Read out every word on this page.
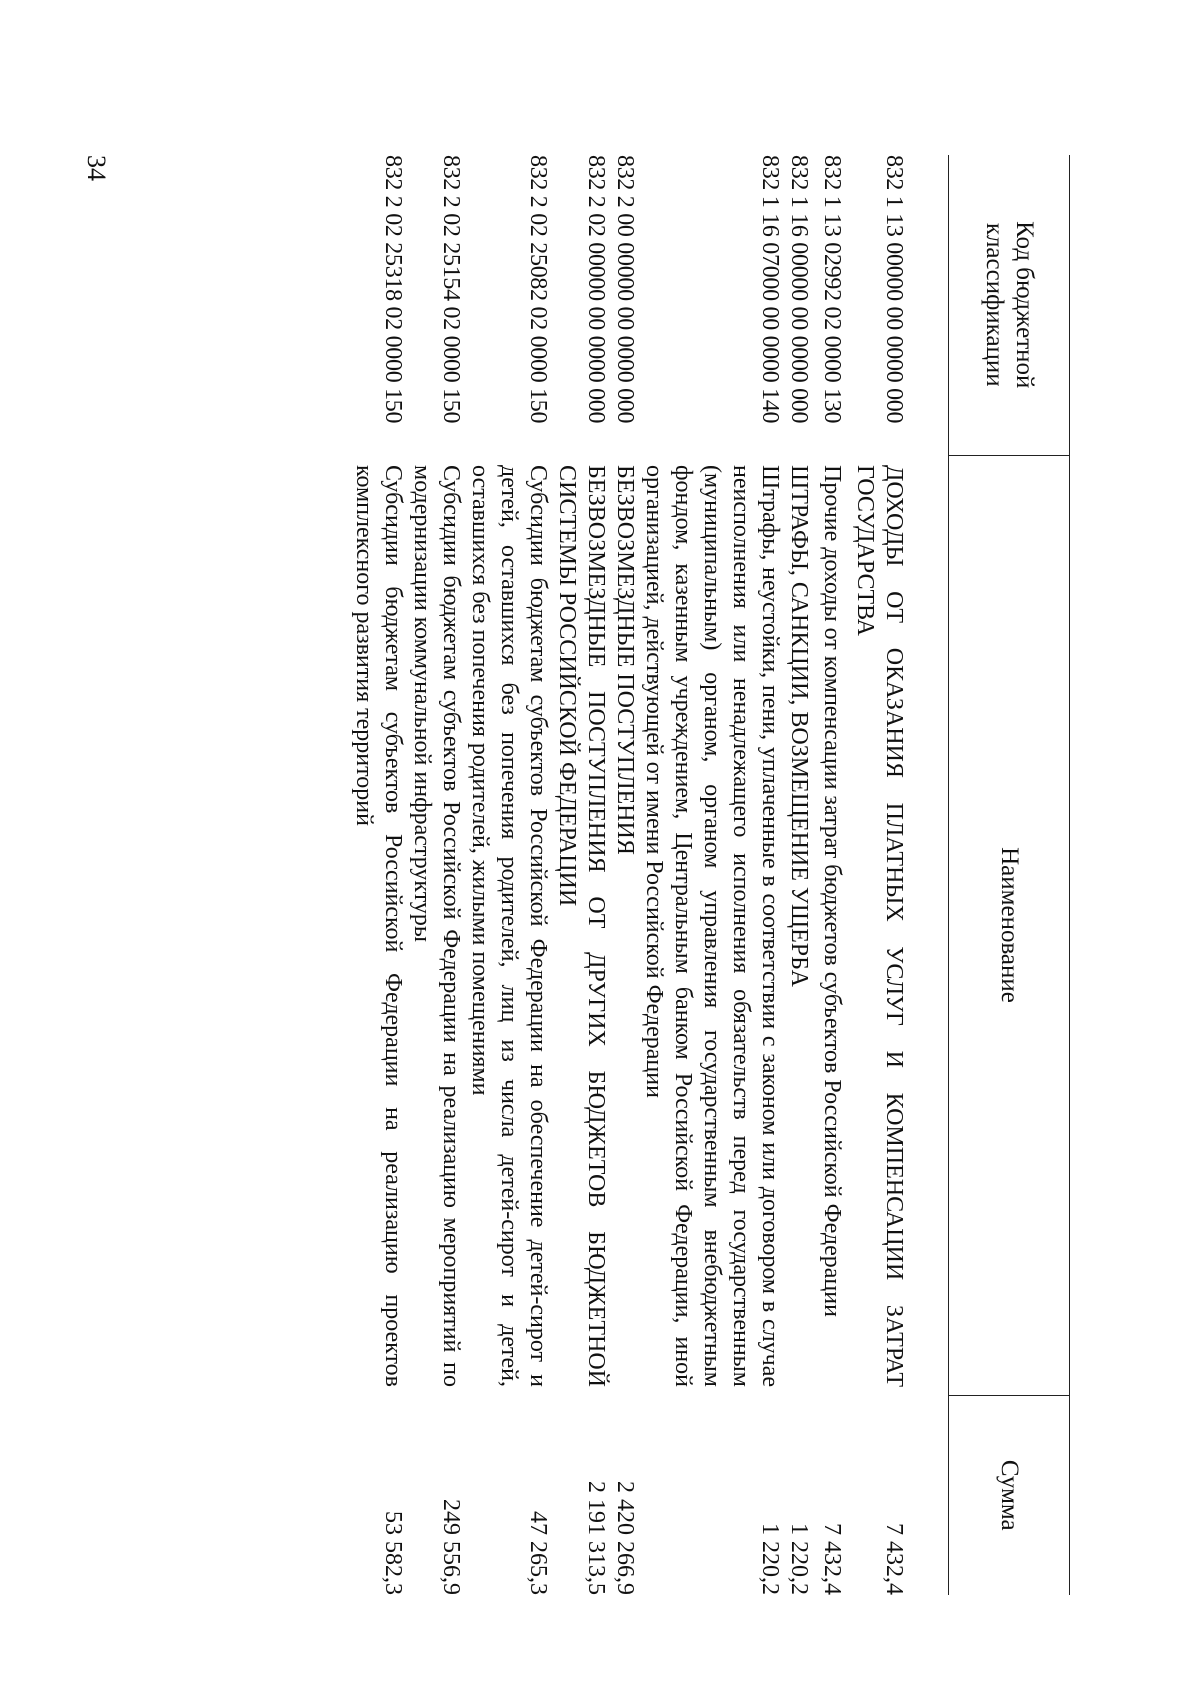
34
Код бюджетной классификации	Наименование	Сумма
832 1 13 00000 00 0000 000	ДОХОДЫ ОТ ОКАЗАНИЯ ПЛАТНЫХ УСЛУГ И КОМПЕНСАЦИИ ЗАТРАТ ГОСУДАРСТВА	7 432,4
832 1 13 02992 02 0000 130	Прочие доходы от компенсации затрат бюджетов субъектов Российской Федерации	7 432,4
832 1 16 00000 00 0000 000	ШТРАФЫ, САНКЦИИ, ВОЗМЕЩЕНИЕ УЩЕРБА	1 220,2
832 1 16 07000 00 0000 140	Штрафы, неустойки, пени, уплаченные в соответствии с законом или договором в случае неисполнения или ненадлежащего исполнения обязательств перед государственным (муниципальным) органом, органом управления государственным внебюджетным фондом, казенным учреждением, Центральным банком Российской Федерации, иной организацией, действующей от имени Российской Федерации	1 220,2
832 2 00 00000 00 0000 000	БЕЗВОЗМЕЗДНЫЕ ПОСТУПЛЕНИЯ	2 420 266,9
832 2 02 00000 00 0000 000	БЕЗВОЗМЕЗДНЫЕ ПОСТУПЛЕНИЯ ОТ ДРУГИХ БЮДЖЕТОВ БЮДЖЕТНОЙ СИСТЕМЫ РОССИЙСКОЙ ФЕДЕРАЦИИ	2 191 313,5
832 2 02 25082 02 0000 150	Субсидии бюджетам субъектов Российской Федерации на обеспечение детей-сирот и детей, оставшихся без попечения родителей, лиц из числа детей-сирот и детей, оставшихся без попечения родителей, жилыми помещениями	47 265,3
832 2 02 25154 02 0000 150	Субсидии бюджетам субъектов Российской Федерации на реализацию мероприятий по модернизации коммунальной инфраструктуры	249 556,9
832 2 02 25318 02 0000 150	Субсидии бюджетам субъектов Российской Федерации на реализацию проектов комплексного развития территорий	53 582,3
